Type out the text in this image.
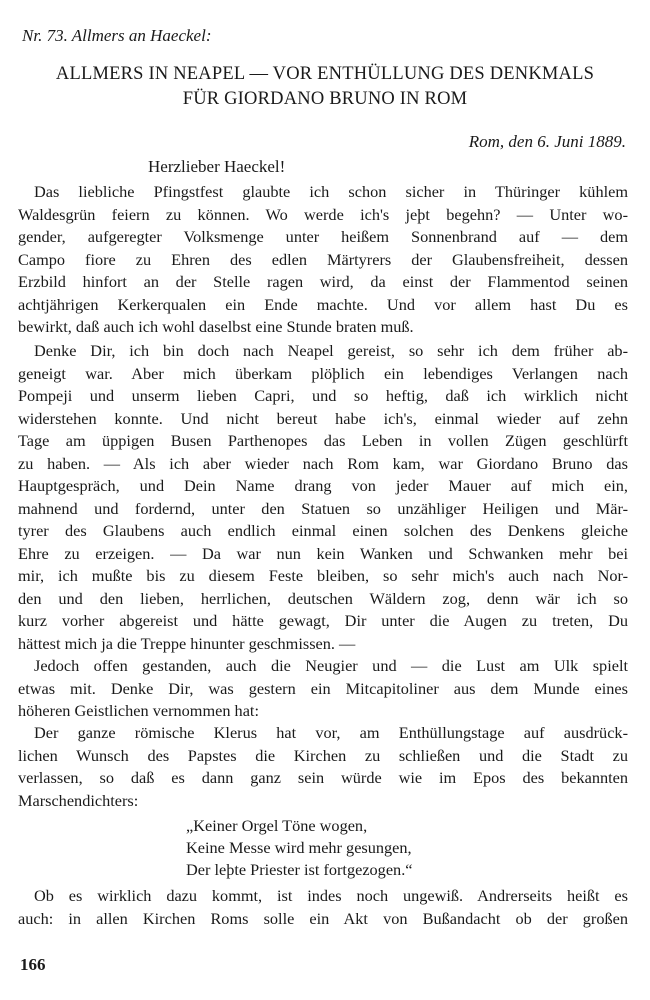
Nr. 73. Allmers an Haeckel:
ALLMERS IN NEAPEL — VOR ENTHÜLLUNG DES DENKMALS
FÜR GIORDANO BRUNO IN ROM
Rom, den 6. Juni 1889.
Herzlieber Haeckel!
Das liebliche Pfingstfest glaubte ich schon sicher in Thüringer kühlem
Waldesgrün feiern zu können. Wo werde ich's jeþt begehn? — Unter wo-
gender, aufgeregter Volksmenge unter heißem Sonnenbrand auf — dem
Campo fiore zu Ehren des edlen Märtyrers der Glaubensfreiheit, dessen
Erzbild hinfort an der Stelle ragen wird, da einst der Flammentod seinen
achtjährigen Kerkerqualen ein Ende machte. Und vor allem hast Du es
bewirkt, daß auch ich wohl daselbst eine Stunde braten muß.
Denke Dir, ich bin doch nach Neapel gereist, so sehr ich dem früher ab-
geneigt war. Aber mich überkam plöþlich ein lebendiges Verlangen nach
Pompeji und unserm lieben Capri, und so heftig, daß ich wirklich nicht
widerstehen konnte. Und nicht bereut habe ich's, einmal wieder auf zehn
Tage am üppigen Busen Parthenopes das Leben in vollen Zügen geschlürft
zu haben. — Als ich aber wieder nach Rom kam, war Giordano Bruno das
Hauptgespräch, und Dein Name drang von jeder Mauer auf mich ein,
mahnend und fordernd, unter den Statuen so unzähliger Heiligen und Mär-
tyrer des Glaubens auch endlich einmal einen solchen des Denkens gleiche
Ehre zu erzeigen. — Da war nun kein Wanken und Schwanken mehr bei
mir, ich mußte bis zu diesem Feste bleiben, so sehr mich's auch nach Nor-
den und den lieben, herrlichen, deutschen Wäldern zog, denn wär ich so
kurz vorher abgereist und hätte gewagt, Dir unter die Augen zu treten, Du
hättest mich ja die Treppe hinunter geschmissen. —
Jedoch offen gestanden, auch die Neugier und — die Lust am Ulk spielt
etwas mit. Denke Dir, was gestern ein Mitcapitoliner aus dem Munde eines
höheren Geistlichen vernommen hat:
Der ganze römische Klerus hat vor, am Enthüllungstage auf ausdrück-
lichen Wunsch des Papstes die Kirchen zu schließen und die Stadt zu
verlassen, so daß es dann ganz sein würde wie im Epos des bekannten
Marschendichters:
„Keiner Orgel Töne wogen,
Keine Messe wird mehr gesungen,
Der leþte Priester ist fortgezogen.“
Ob es wirklich dazu kommt, ist indes noch ungewiß. Andrerseits heißt es
auch: in allen Kirchen Roms solle ein Akt von Bußandacht ob der großen
166
